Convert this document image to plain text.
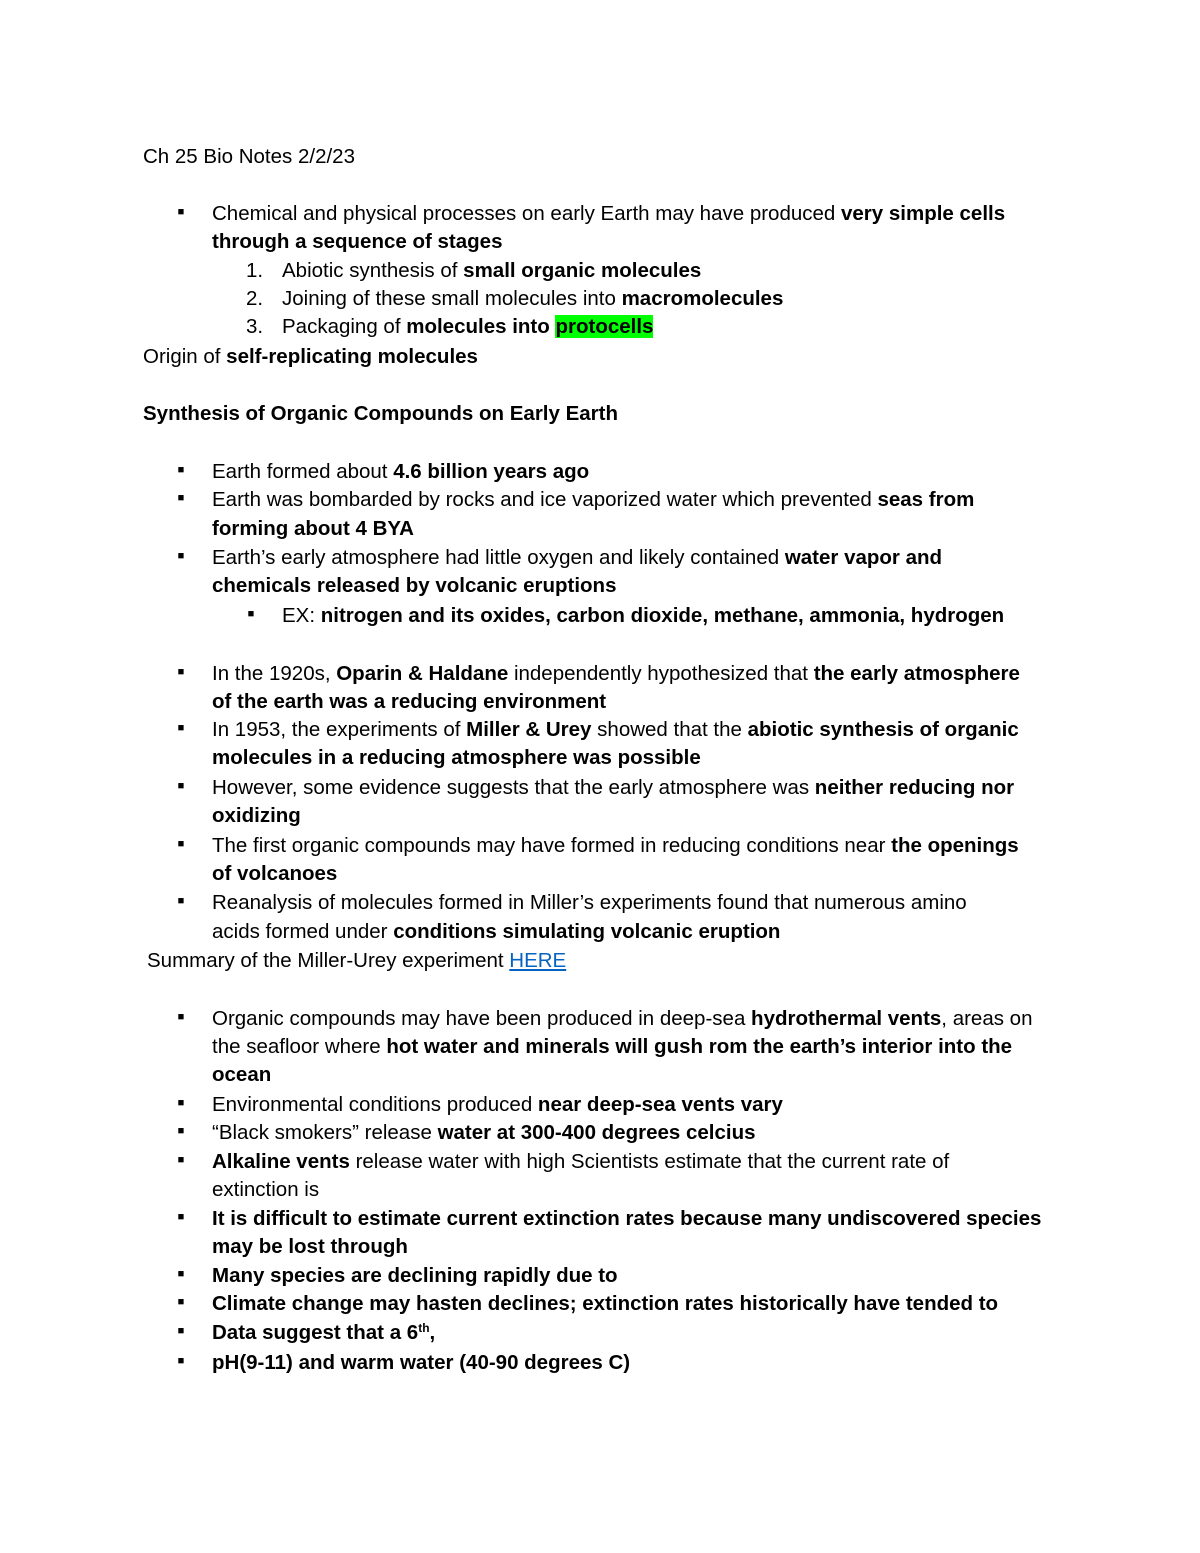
Ch 25 Bio Notes 2/2/23
■
Chemical and physical processes on early Earth may have produced very simple cells
through a sequence of stages
1. Abiotic synthesis of small organic molecules
2. Joining of these small molecules into macromolecules
3. Packaging of molecules into protocells
Origin of self-replicating molecules
Synthesis of Organic Compounds on Early Earth
■
Earth formed about 4.6 billion years ago
■
Earth was bombarded by rocks and ice vaporized water which prevented seas from
forming about 4 BYA
■
Earth’s early atmosphere had little oxygen and likely contained water vapor and
chemicals released by volcanic eruptions
■
EX: nitrogen and its oxides, carbon dioxide, methane, ammonia, hydrogen
■
In the 1920s, Oparin & Haldane independently hypothesized that the early atmosphere
of the earth was a reducing environment
■
In 1953, the experiments of Miller & Urey showed that the abiotic synthesis of organic
molecules in a reducing atmosphere was possible
■
However, some evidence suggests that the early atmosphere was neither reducing nor
oxidizing
■
The first organic compounds may have formed in reducing conditions near the openings
of volcanoes
■
Reanalysis of molecules formed in Miller’s experiments found that numerous amino
acids formed under conditions simulating volcanic eruption
Summary of the Miller-Urey experiment HERE
■
Organic compounds may have been produced in deep-sea hydrothermal vents, areas on
the seafloor where hot water and minerals will gush rom the earth’s interior into the
ocean
■
Environmental conditions produced near deep-sea vents vary
■
“Black smokers” release water at 300-400 degrees celcius
■
Alkaline vents release water with high Scientists estimate that the current rate of
extinction is
■
It is difficult to estimate current extinction rates because many undiscovered species
may be lost through
■
Many species are declining rapidly due to
■
Climate change may hasten declines; extinction rates historically have tended to
■
Data suggest that a 6th,
■
pH(9-11) and warm water (40-90 degrees C)
